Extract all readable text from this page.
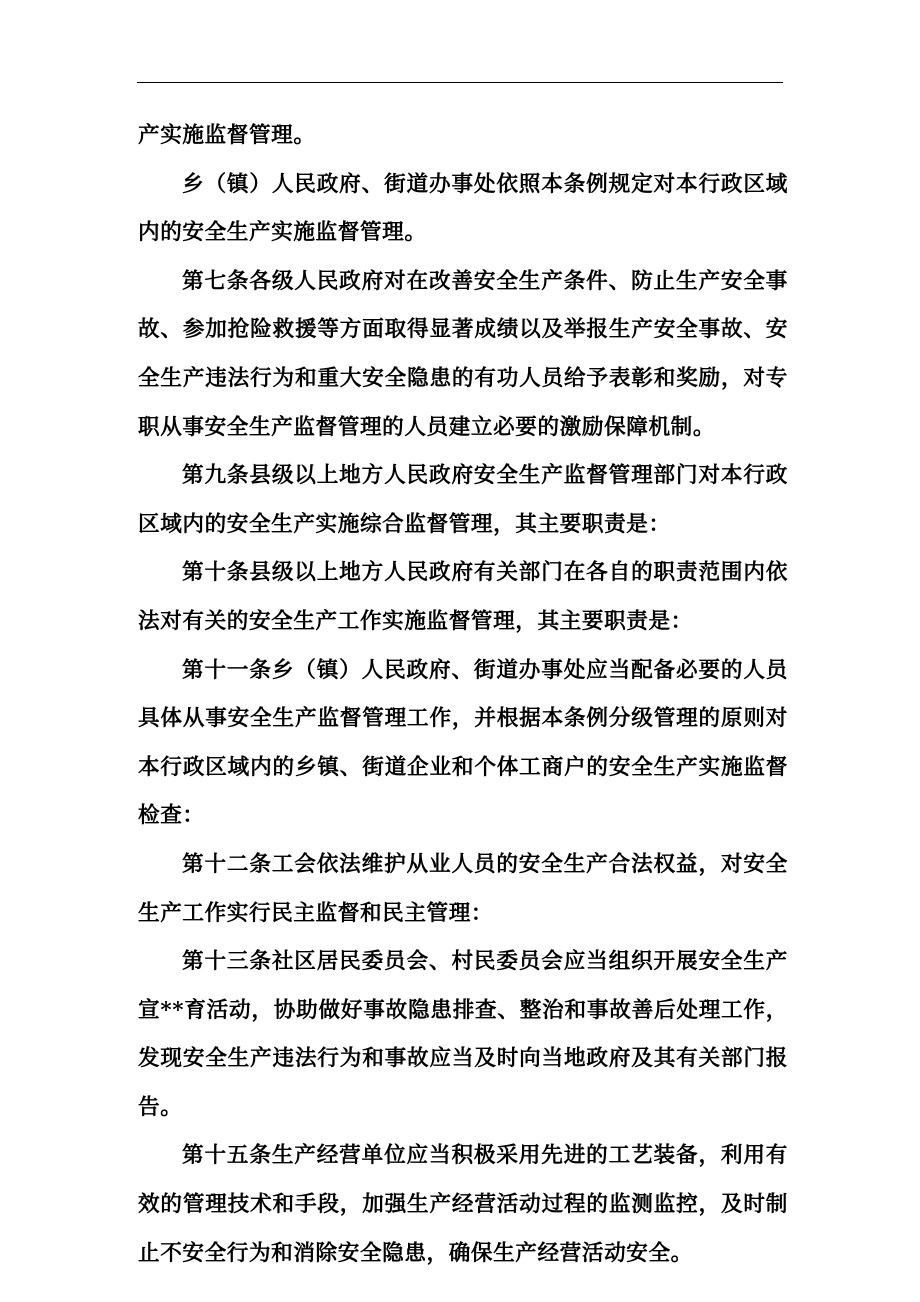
产实施监督管理。

乡（镇）人民政府、街道办事处依照本条例规定对本行政区域内的安全生产实施监督管理。

第七条各级人民政府对在改善安全生产条件、防止生产安全事故、参加抢险救援等方面取得显著成绩以及举报生产安全事故、安全生产违法行为和重大安全隐患的有功人员给予表彰和奖励，对专职从事安全生产监督管理的人员建立必要的激励保障机制。

第九条县级以上地方人民政府安全生产监督管理部门对本行政区域内的安全生产实施综合监督管理，其主要职责是：

第十条县级以上地方人民政府有关部门在各自的职责范围内依法对有关的安全生产工作实施监督管理，其主要职责是：

第十一条乡（镇）人民政府、街道办事处应当配备必要的人员具体从事安全生产监督管理工作，并根据本条例分级管理的原则对本行政区域内的乡镇、街道企业和个体工商户的安全生产实施监督检查：

第十二条工会依法维护从业人员的安全生产合法权益，对安全生产工作实行民主监督和民主管理：

第十三条社区居民委员会、村民委员会应当组织开展安全生产宣**育活动，协助做好事故隐患排查、整治和事故善后处理工作，发现安全生产违法行为和事故应当及时向当地政府及其有关部门报告。

第十五条生产经营单位应当积极采用先进的工艺装备，利用有效的管理技术和手段，加强生产经营活动过程的监测监控，及时制止不安全行为和消除安全隐患，确保生产经营活动安全。
